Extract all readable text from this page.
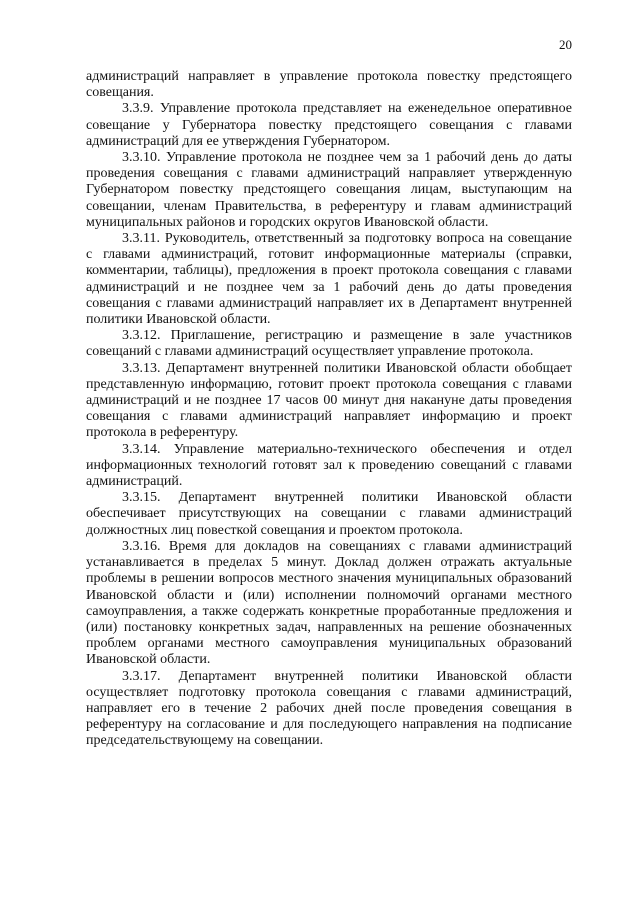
20

администраций направляет в управление протокола повестку предстоящего совещания.

3.3.9. Управление протокола представляет на еженедельное оперативное совещание у Губернатора повестку предстоящего совещания с главами администраций для ее утверждения Губернатором.

3.3.10. Управление протокола не позднее чем за 1 рабочий день до даты проведения совещания с главами администраций направляет утвержденную Губернатором повестку предстоящего совещания лицам, выступающим на совещании, членам Правительства, в референтуру и главам администраций муниципальных районов и городских округов Ивановской области.

3.3.11. Руководитель, ответственный за подготовку вопроса на совещание с главами администраций, готовит информационные материалы (справки, комментарии, таблицы), предложения в проект протокола совещания с главами администраций и не позднее чем за 1 рабочий день до даты проведения совещания с главами администраций направляет их в Департамент внутренней политики Ивановской области.

3.3.12. Приглашение, регистрацию и размещение в зале участников совещаний с главами администраций осуществляет управление протокола.

3.3.13. Департамент внутренней политики Ивановской области обобщает представленную информацию, готовит проект протокола совещания с главами администраций и не позднее 17 часов 00 минут дня накануне даты проведения совещания с главами администраций направляет информацию и проект протокола в референтуру.

3.3.14. Управление материально-технического обеспечения и отдел информационных технологий готовят зал к проведению совещаний с главами администраций.

3.3.15. Департамент внутренней политики Ивановской области обеспечивает присутствующих на совещании с главами администраций должностных лиц повесткой совещания и проектом протокола.

3.3.16. Время для докладов на совещаниях с главами администраций устанавливается в пределах 5 минут. Доклад должен отражать актуальные проблемы в решении вопросов местного значения муниципальных образований Ивановской области и (или) исполнении полномочий органами местного самоуправления, а также содержать конкретные проработанные предложения и (или) постановку конкретных задач, направленных на решение обозначенных проблем органами местного самоуправления муниципальных образований Ивановской области.

3.3.17. Департамент внутренней политики Ивановской области осуществляет подготовку протокола совещания с главами администраций, направляет его в течение 2 рабочих дней после проведения совещания в референтуру на согласование и для последующего направления на подписание председательствующему на совещании.
